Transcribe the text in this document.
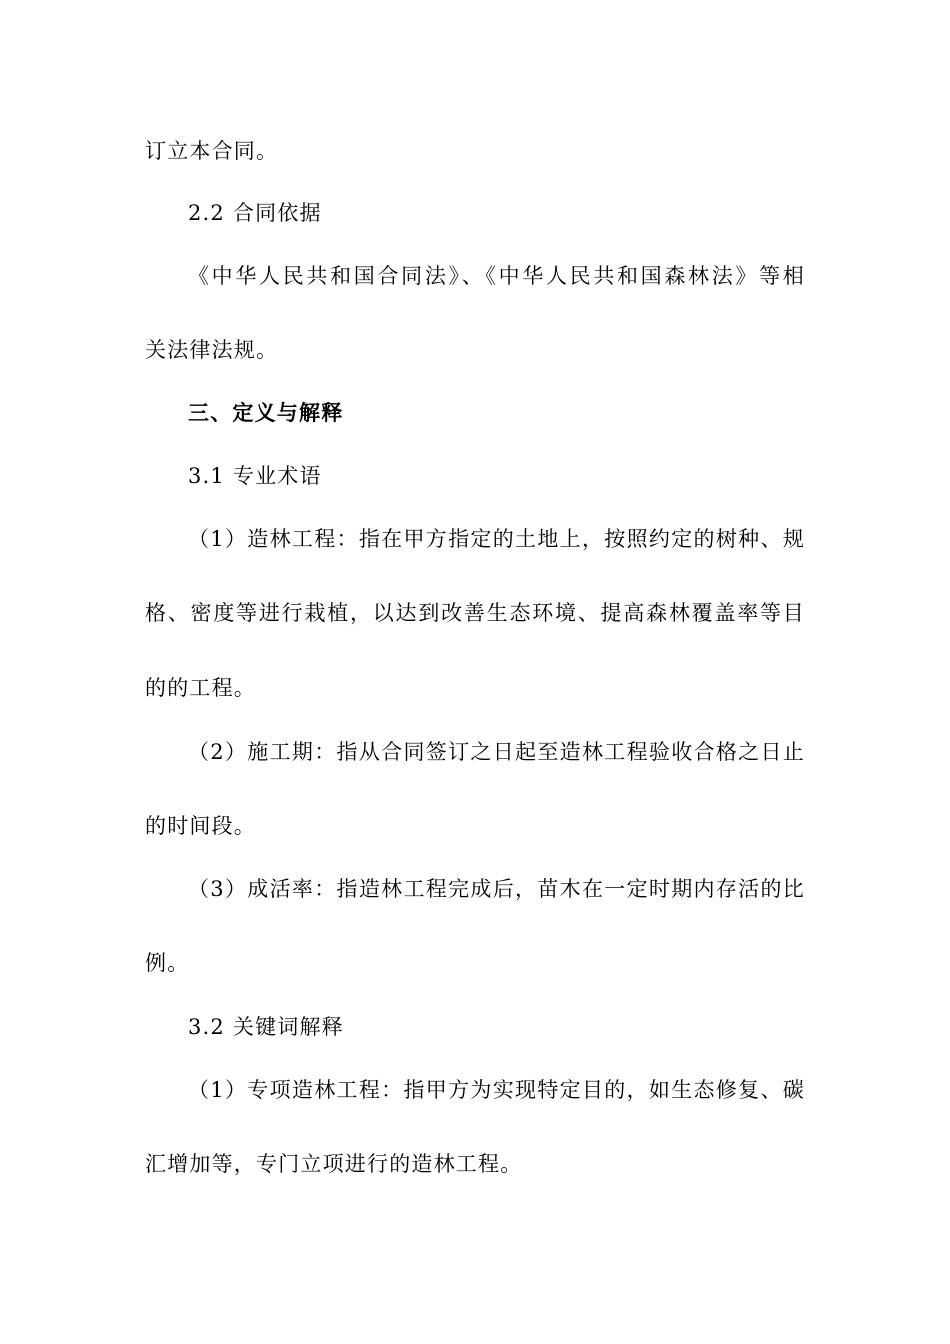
订立本合同。
2.2 合同依据
《中华人民共和国合同法》、《中华人民共和国森林法》等相
关法律法规。
三、定义与解释
3.1 专业术语
（1）造林工程：指在甲方指定的土地上，按照约定的树种、规
格、密度等进行栽植，以达到改善生态环境、提高森林覆盖率等目
的的工程。
（2）施工期：指从合同签订之日起至造林工程验收合格之日止
的时间段。
（3）成活率：指造林工程完成后，苗木在一定时期内存活的比
例。
3.2 关键词解释
（1）专项造林工程：指甲方为实现特定目的，如生态修复、碳
汇增加等，专门立项进行的造林工程。
